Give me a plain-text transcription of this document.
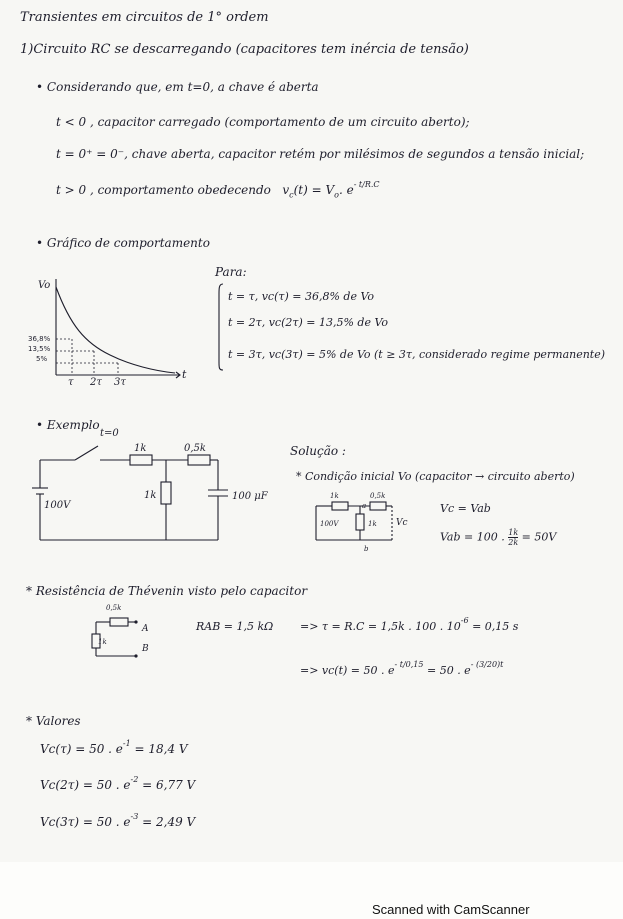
Transientes em circuitos de 1° ordem
1)Circuito RC se descarregando (capacitores tem inércia de tensão)
• Considerando que, em t=0, a chave é aberta
t < 0 , capacitor carregado (comportamento de um circuito aberto);
t = 0⁺ = 0⁻, chave aberta, capacitor retém por milésimos de segundos a tensão inicial;
t > 0 , comportamento obedecendo $v_c(t) = V_o$. $e^{- t/R.C}$
• Gráfico de comportamento
Vo
36,8%
13,5%
5%
τ 2τ 3τ
t
Para:
t = τ, vc(τ) = 36,8% de Vo
t = 2τ, vc(2τ) = 13,5% de Vo
t = 3τ, vc(3τ) = 5% de Vo (t ≥ 3τ, considerado regime permanente)
• Exemplo
t=0
1k	0,5k
1k
100V
100 μF
Solução :
* Condição inicial Vo (capacitor → circuito aberto)
1k	0,5k
100V	1k
a
b
Vc
Vc = Vab
Vab = 100 . $\frac{1k}{2k} = 50V$
* Resistência de Thévenin visto pelo capacitor
0,5k
1k
A
B
RAB = 1,5 kΩ => τ = R.C = 1,5k . 100 . $10^{-6} = 0,15$ s
=> vc(t) = 50 . $e^{- t/0,15} = 50$ . $e^{- (3/20)t}$
* Valores
Vc(τ) = 50 . $e^{-1} = 18,4$ V
Vc(2τ) = 50 . $e^{-2} = 6,77$ V
Vc(3τ) = 50 . $e^{-3} = 2,49$ V
Scanned with CamScanner
